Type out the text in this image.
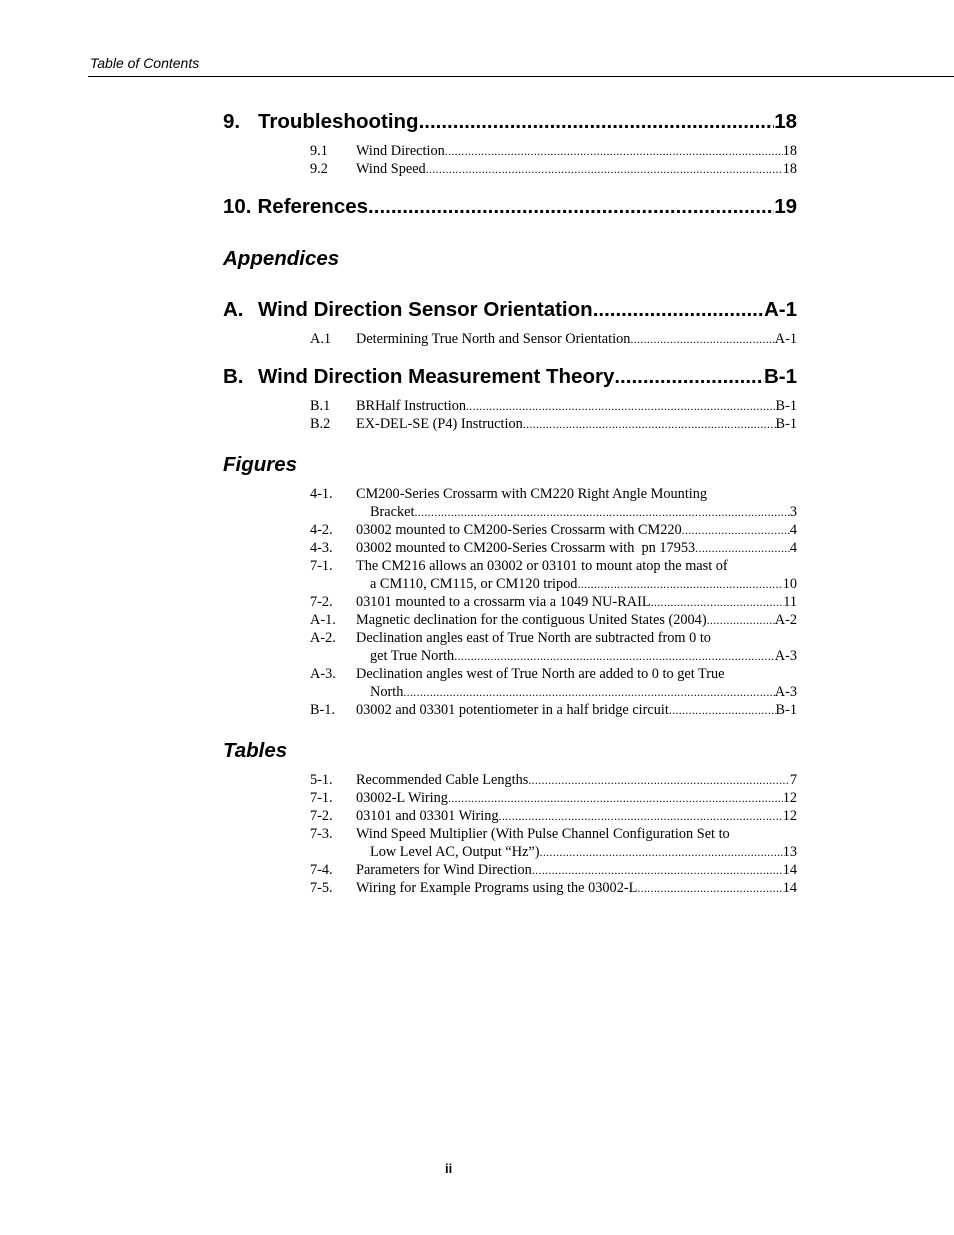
Table of Contents
9. Troubleshooting .....	18
9.1	Wind Direction .....	18
9.2	Wind Speed .....	18
10. References .....	19
Appendices
A. Wind Direction Sensor Orientation .....	A-1
A.1	Determining True North and Sensor Orientation .....	A-1
B. Wind Direction Measurement Theory .....	B-1
B.1	BRHalf Instruction .....	B-1
B.2	EX-DEL-SE (P4) Instruction .....	B-1
Figures
4-1.	CM200-Series Crossarm with CM220 Right Angle Mounting
Bracket .....	3
4-2.	03002 mounted to CM200-Series Crossarm with CM220 .....	4
4-3.	03002 mounted to CM200-Series Crossarm with  pn 17953 .....	4
7-1.	The CM216 allows an 03002 or 03101 to mount atop the mast of
a CM110, CM115, or CM120 tripod .....	10
7-2.	03101 mounted to a crossarm via a 1049 NU-RAIL .....	11
A-1.	Magnetic declination for the contiguous United States (2004) .....	A-2
A-2.	Declination angles east of True North are subtracted from 0 to
get True North .....	A-3
A-3.	Declination angles west of True North are added to 0 to get True
North .....	A-3
B-1.	03002 and 03301 potentiometer in a half bridge circuit .....	B-1
Tables
5-1.	Recommended Cable Lengths .....	7
7-1.	03002-L Wiring .....	12
7-2.	03101 and 03301 Wiring .....	12
7-3.	Wind Speed Multiplier (With Pulse Channel Configuration Set to
Low Level AC, Output “Hz”) .....	13
7-4.	Parameters for Wind Direction .....	14
7-5.	Wiring for Example Programs using the 03002-L .....	14
ii
